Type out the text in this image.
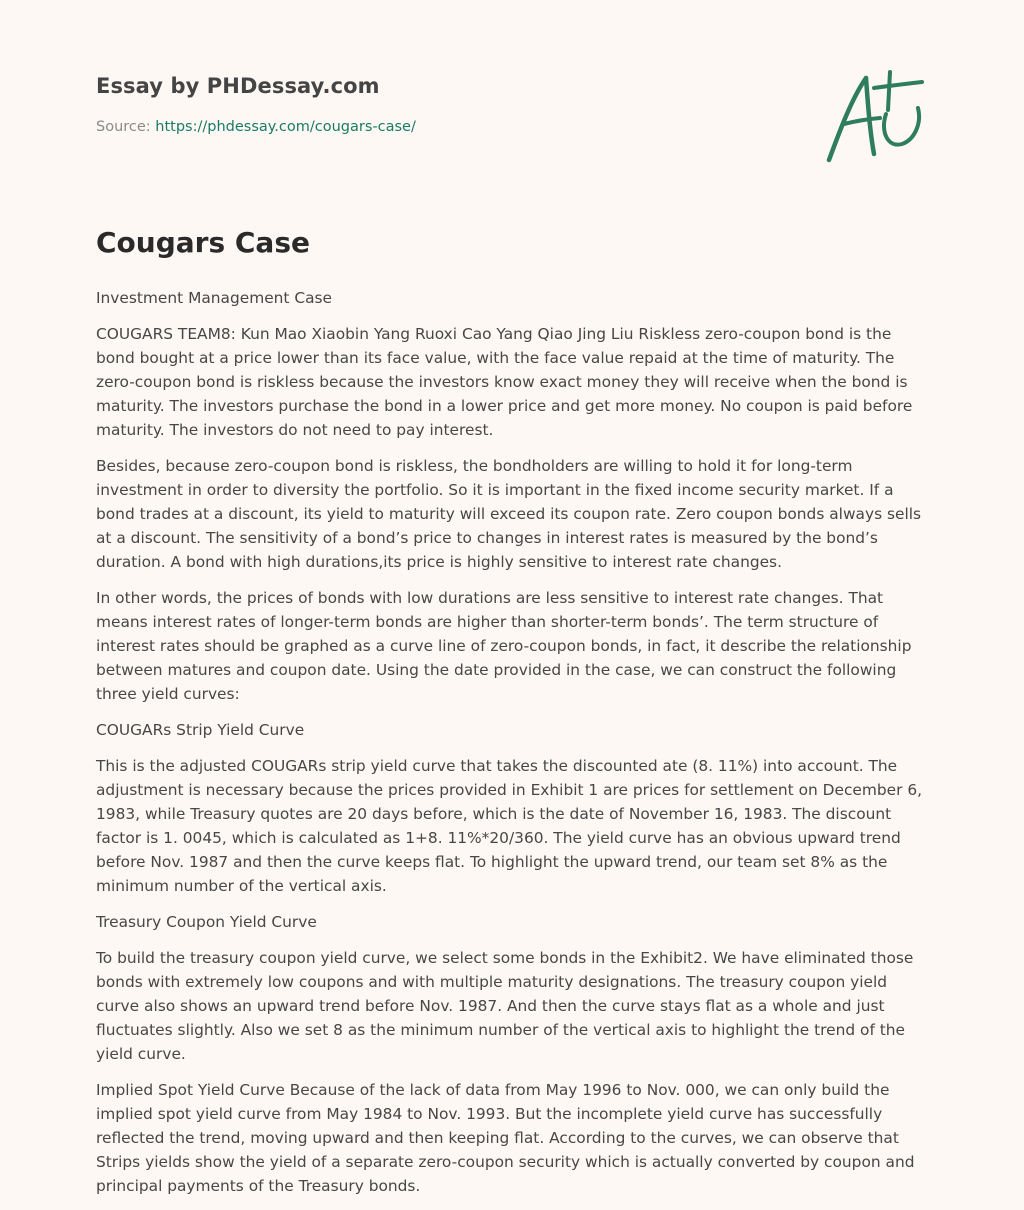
Essay by PHDessay.com
Source: https://phdessay.com/cougars-case/
Cougars Case

Investment Management Case

COUGARS TEAM8: Kun Mao Xiaobin Yang Ruoxi Cao Yang Qiao Jing Liu Riskless zero-coupon bond is the bond bought at a price lower than its face value, with the face value repaid at the time of maturity. The zero-coupon bond is riskless because the investors know exact money they will receive when the bond is maturity. The investors purchase the bond in a lower price and get more money. No coupon is paid before maturity. The investors do not need to pay interest.

Besides, because zero-coupon bond is riskless, the bondholders are willing to hold it for long-term investment in order to diversity the portfolio. So it is important in the fixed income security market. If a bond trades at a discount, its yield to maturity will exceed its coupon rate. Zero coupon bonds always sells at a discount. The sensitivity of a bond’s price to changes in interest rates is measured by the bond’s duration. A bond with high durations,its price is highly sensitive to interest rate changes.

In other words, the prices of bonds with low durations are less sensitive to interest rate changes. That means interest rates of longer-term bonds are higher than shorter-term bonds’. The term structure of interest rates should be graphed as a curve line of zero-coupon bonds, in fact, it describe the relationship between matures and coupon date. Using the date provided in the case, we can construct the following three yield curves:

COUGARs Strip Yield Curve

This is the adjusted COUGARs strip yield curve that takes the discounted ate (8. 11%) into account. The adjustment is necessary because the prices provided in Exhibit 1 are prices for settlement on December 6, 1983, while Treasury quotes are 20 days before, which is the date of November 16, 1983. The discount factor is 1. 0045, which is calculated as 1+8. 11%*20/360. The yield curve has an obvious upward trend before Nov. 1987 and then the curve keeps flat. To highlight the upward trend, our team set 8% as the minimum number of the vertical axis.

Treasury Coupon Yield Curve

To build the treasury coupon yield curve, we select some bonds in the Exhibit2. We have eliminated those bonds with extremely low coupons and with multiple maturity designations. The treasury coupon yield curve also shows an upward trend before Nov. 1987. And then the curve stays flat as a whole and just fluctuates slightly. Also we set 8 as the minimum number of the vertical axis to highlight the trend of the yield curve.

Implied Spot Yield Curve Because of the lack of data from May 1996 to Nov. 000, we can only build the implied spot yield curve from May 1984 to Nov. 1993. But the incomplete yield curve has successfully reflected the trend, moving upward and then keeping flat. According to the curves, we can observe that Strips yields show the yield of a separate zero-coupon security which is actually converted by coupon and principal payments of the Treasury bonds.
